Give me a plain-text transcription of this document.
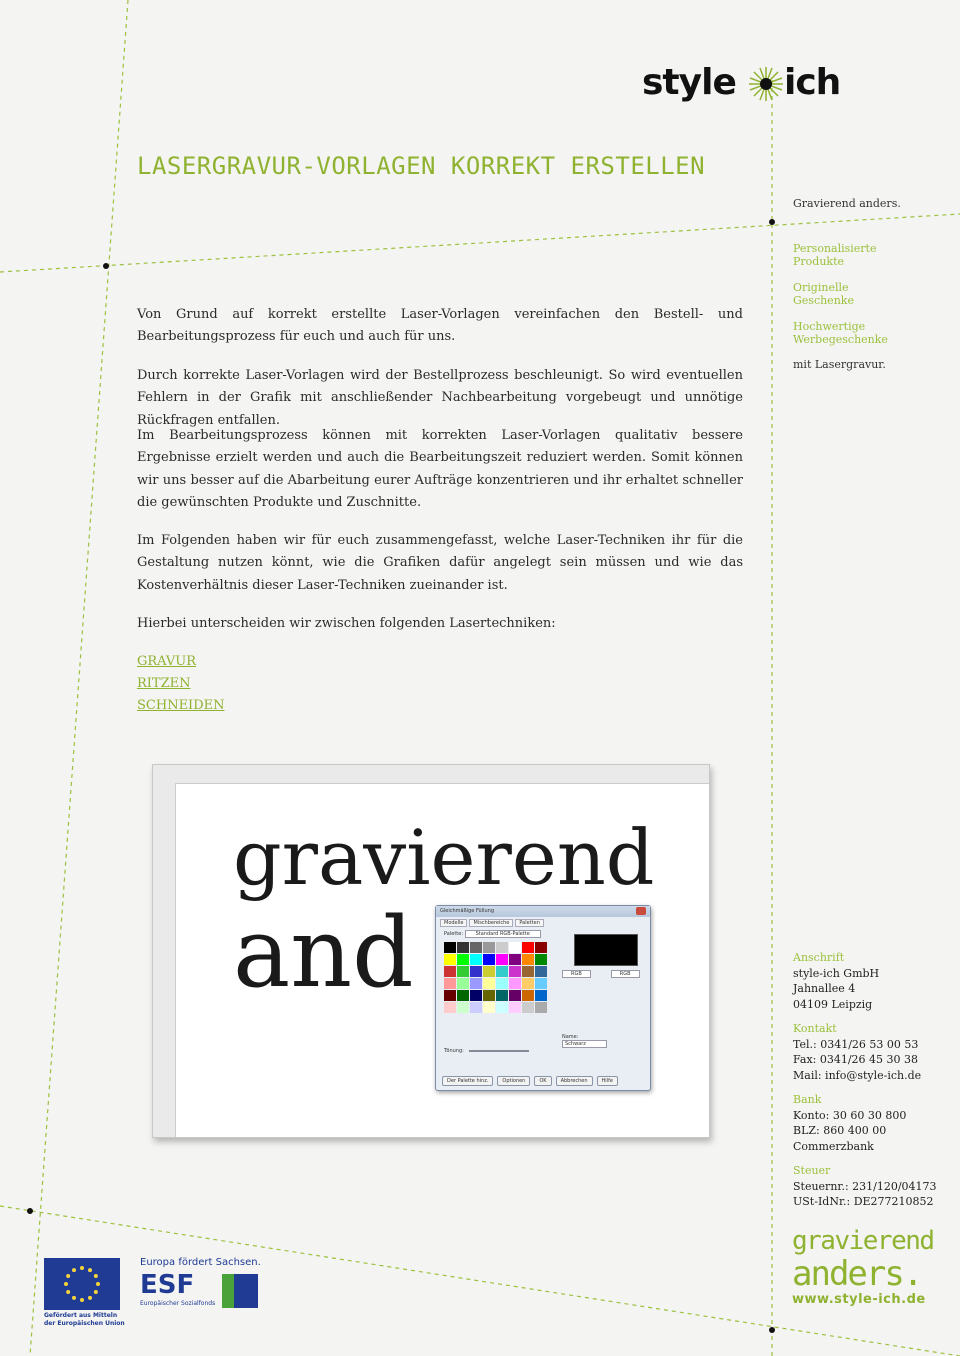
style ich
LASERGRAVUR-VORLAGEN KORREKT ERSTELLEN
Gravierend anders.
Personalisierte
Produkte
Originelle
Geschenke
Hochwertige
Werbegeschenke
mit Lasergravur.

Von Grund auf korrekt erstellte Laser-Vorlagen vereinfachen den Bestell- und Bearbeitungsprozess für euch und auch für uns.

Durch korrekte Laser-Vorlagen wird der Bestellprozess beschleunigt. So wird eventuellen Fehlern in der Grafik mit anschließender Nachbearbeitung vorgebeugt und unnötige Rückfragen entfallen.

Im Bearbeitungsprozess können mit korrekten Laser-Vorlagen qualitativ bessere Ergebnisse erzielt werden und auch die Bearbeitungszeit reduziert werden. Somit können wir uns besser auf die Abarbeitung eurer Aufträge konzentrieren und ihr erhaltet schneller die gewünschten Produkte und Zuschnitte.

Im Folgenden haben wir für euch zusammengefasst, welche Laser-Techniken ihr für die Gestaltung nutzen könnt, wie die Grafiken dafür angelegt sein müssen und wie das Kostenverhältnis dieser Laser-Techniken zueinander ist.

Hierbei unterscheiden wir zwischen folgenden Lasertechniken:

GRAVUR
RITZEN
SCHNEIDEN
gravierend
and	Gleichmäßige Füllung
Modelle	Mischbereiche	Paletten
Palette:	Standard RGB-Palette
RGB	RGB
Name:
Schwarz
Tönung:
Der Palette hinz.	Optionen	OK	Abbrechen	Hilfe
Anschrift
style-ich GmbH
Jahnallee 4
04109 Leipzig
Kontakt
Tel.: 0341/26 53 00 53
Fax: 0341/26 45 30 38
Mail: info@style-ich.de
Bank
Konto: 30 60 30 800
BLZ: 860 400 00
Commerzbank
Steuer
Steuernr.: 231/120/04173
USt-IdNr.: DE277210852
gravierend
anders.
www.style-ich.de
Gefördert aus Mitteln
der Europäischen Union
Europa fördert Sachsen.
ESF
Europäischer Sozialfonds
